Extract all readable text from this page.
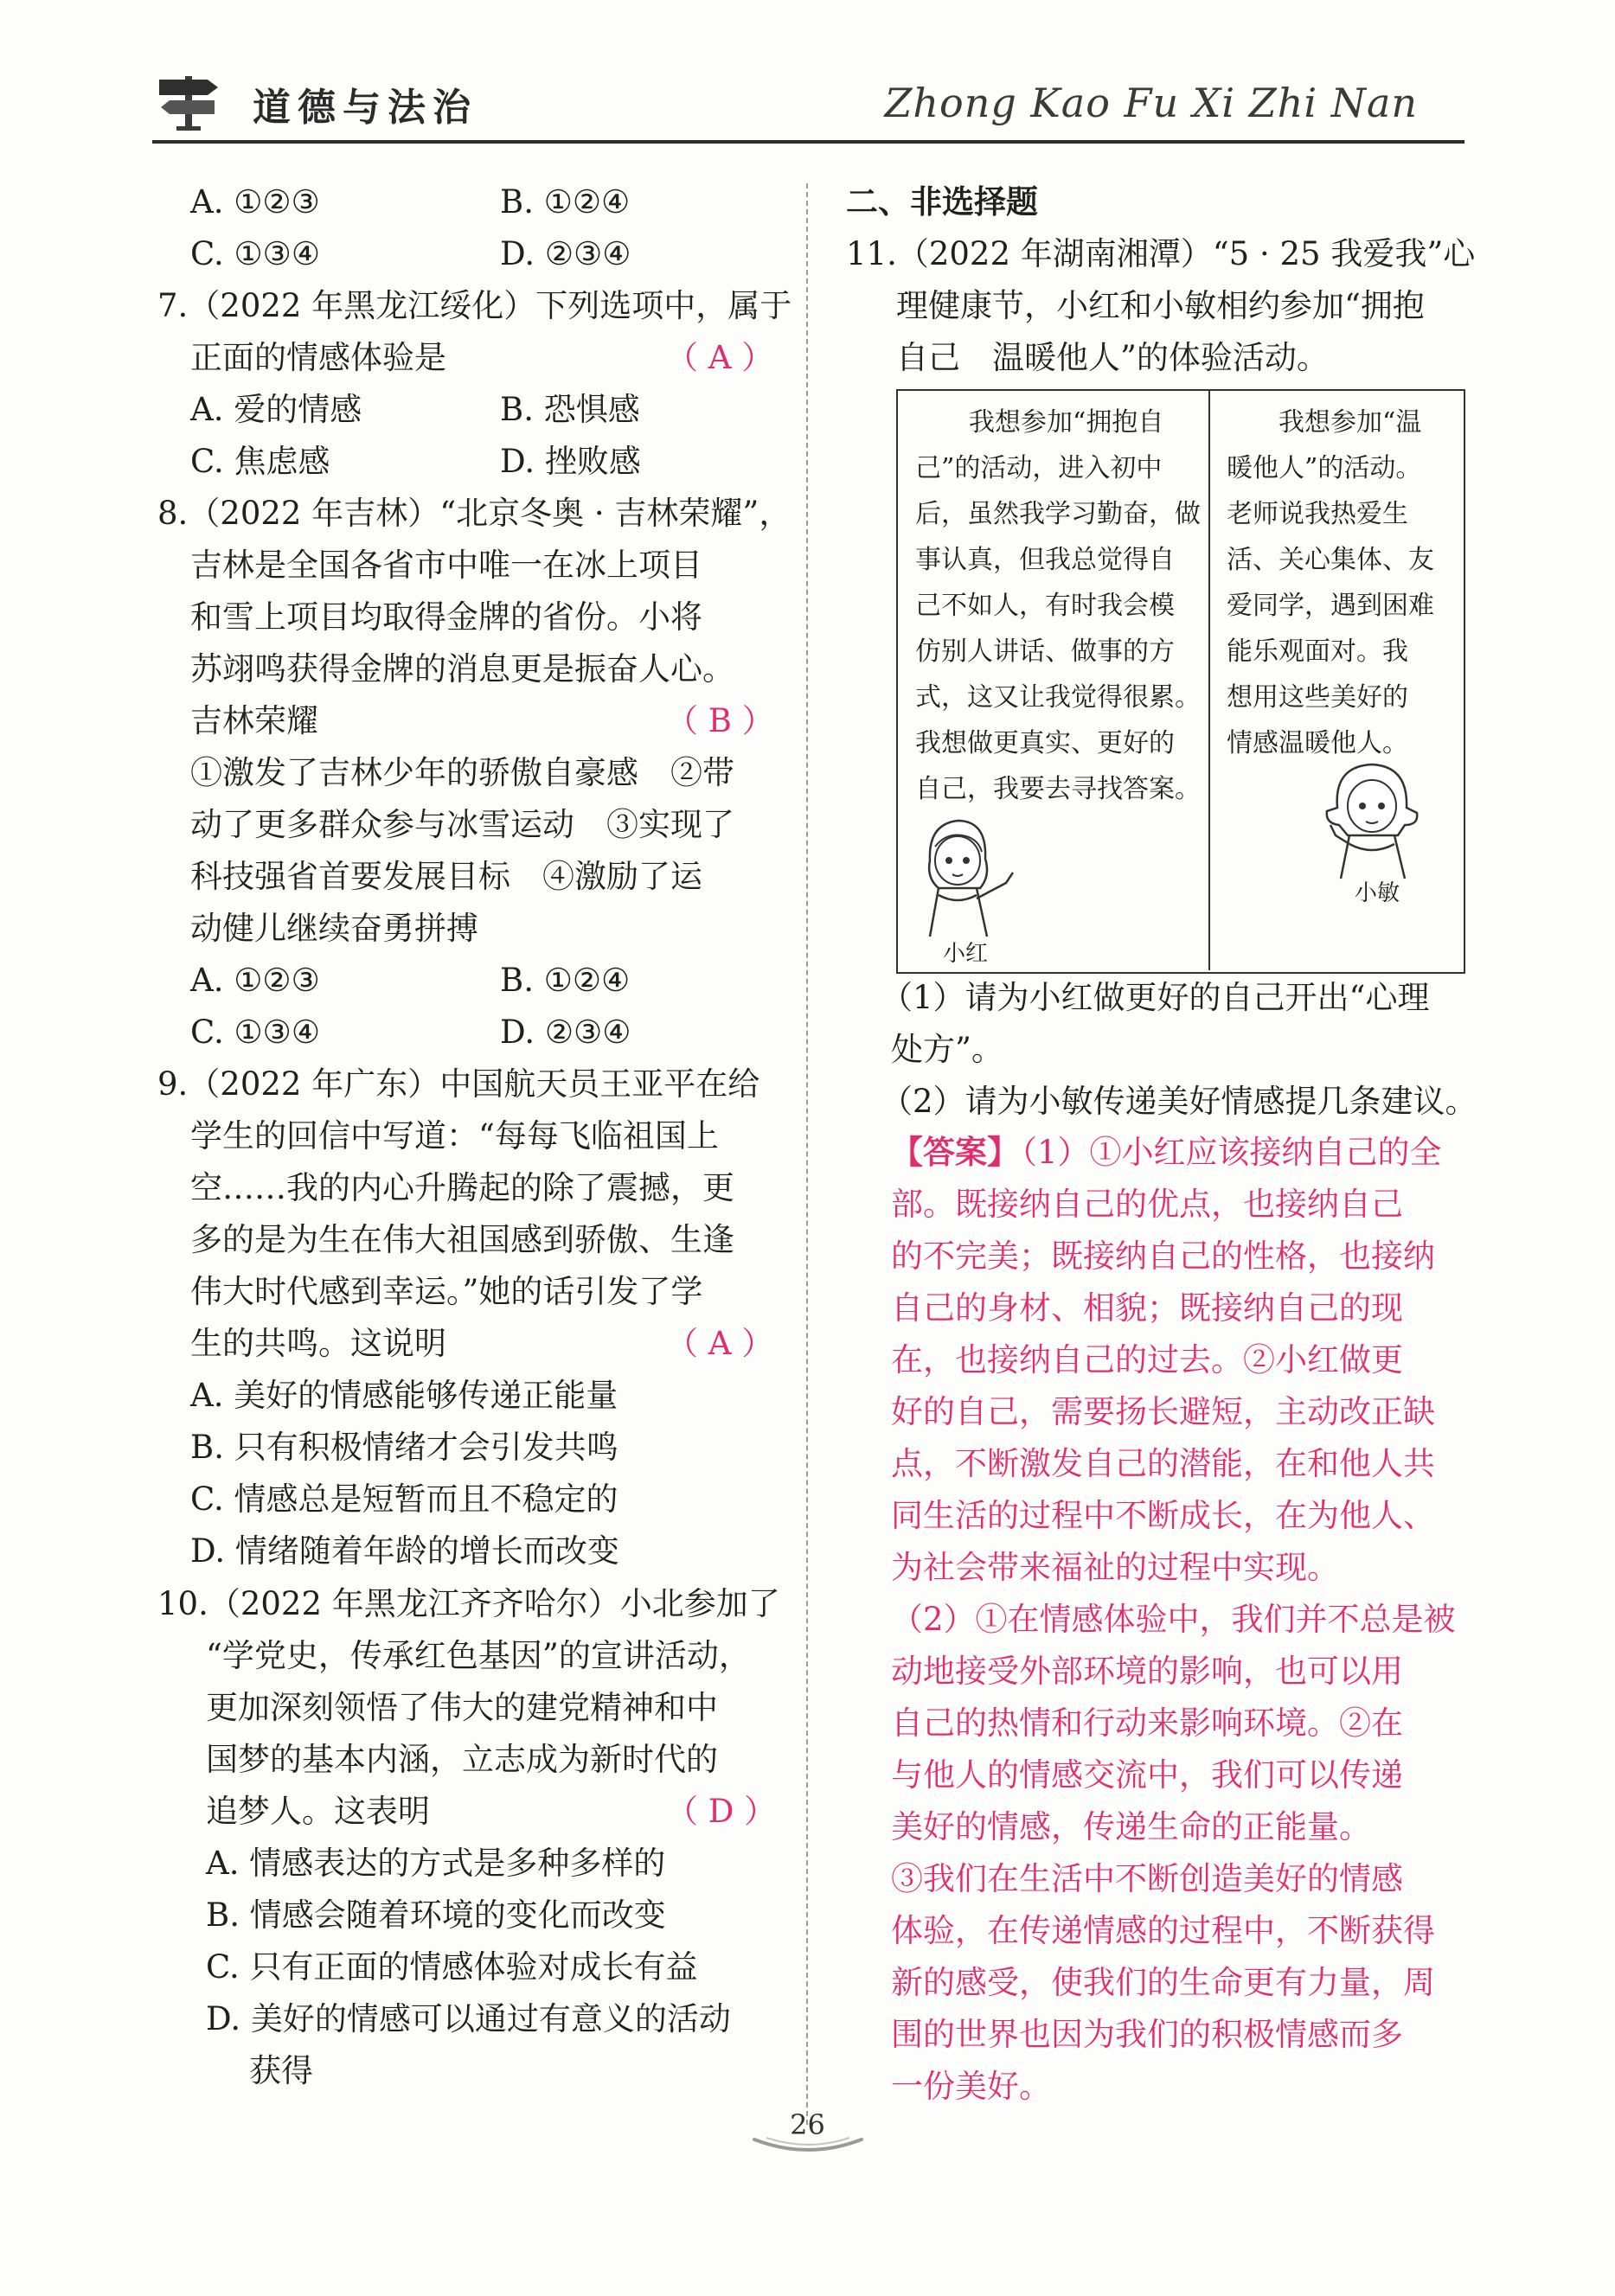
道德与法治	Zhong Kao Fu Xi Zhi Nan
A. ①②③	B. ①②④
C. ①③④	D. ②③④
7.（2022 年黑龙江绥化）下列选项中，属于
正面的情感体验是	（ A ）
A. 爱的情感	B. 恐惧感
C. 焦虑感	D. 挫败感
8.（2022 年吉林）“北京冬奥 · 吉林荣耀”，
吉林是全国各省市中唯一在冰上项目
和雪上项目均取得金牌的省份。小将
苏翊鸣获得金牌的消息更是振奋人心。
吉林荣耀	（ B ）
①激发了吉林少年的骄傲自豪感　②带
动了更多群众参与冰雪运动　③实现了
科技强省首要发展目标　④激励了运
动健儿继续奋勇拼搏
A. ①②③	B. ①②④
C. ①③④	D. ②③④
9.（2022 年广东）中国航天员王亚平在给
学生的回信中写道：“每每飞临祖国上
空……我的内心升腾起的除了震撼，更
多的是为生在伟大祖国感到骄傲、生逢
伟大时代感到幸运。”她的话引发了学
生的共鸣。这说明	（ A ）
A. 美好的情感能够传递正能量
B. 只有积极情绪才会引发共鸣
C. 情感总是短暂而且不稳定的
D. 情绪随着年龄的增长而改变
10.（2022 年黑龙江齐齐哈尔）小北参加了
“学党史，传承红色基因”的宣讲活动，
更加深刻领悟了伟大的建党精神和中
国梦的基本内涵，立志成为新时代的
追梦人。这表明	（ D ）
A. 情感表达的方式是多种多样的
B. 情感会随着环境的变化而改变
C. 只有正面的情感体验对成长有益
D. 美好的情感可以通过有意义的活动
获得
二、非选择题
11.（2022 年湖南湘潭）“5 · 25 我爱我”心
理健康节，小红和小敏相约参加“拥抱
自己　温暖他人”的体验活动。
我想参加“拥抱自
己”的活动，进入初中
后，虽然我学习勤奋，做
事认真，但我总觉得自
己不如人，有时我会模
仿别人讲话、做事的方
式，这又让我觉得很累。
我想做更真实、更好的
自己，我要去寻找答案。
我想参加“温
暖他人”的活动。
老师说我热爱生
活、关心集体、友
爱同学，遇到困难
能乐观面对。我
想用这些美好的
情感温暖他人。
小红
小敏
（1）请为小红做更好的自己开出“心理
处方”。
（2）请为小敏传递美好情感提几条建议。
【答案】
（1）①小红应该接纳自己的全
部。既接纳自己的优点，也接纳自己
的不完美；既接纳自己的性格，也接纳
自己的身材、相貌；既接纳自己的现
在，也接纳自己的过去。②小红做更
好的自己，需要扬长避短，主动改正缺
点，不断激发自己的潜能，在和他人共
同生活的过程中不断成长，在为他人、
为社会带来福祉的过程中实现。
（2）①在情感体验中，我们并不总是被
动地接受外部环境的影响，也可以用
自己的热情和行动来影响环境。②在
与他人的情感交流中，我们可以传递
美好的情感，传递生命的正能量。
③我们在生活中不断创造美好的情感
体验，在传递情感的过程中，不断获得
新的感受，使我们的生命更有力量，周
围的世界也因为我们的积极情感而多
一份美好。
26
